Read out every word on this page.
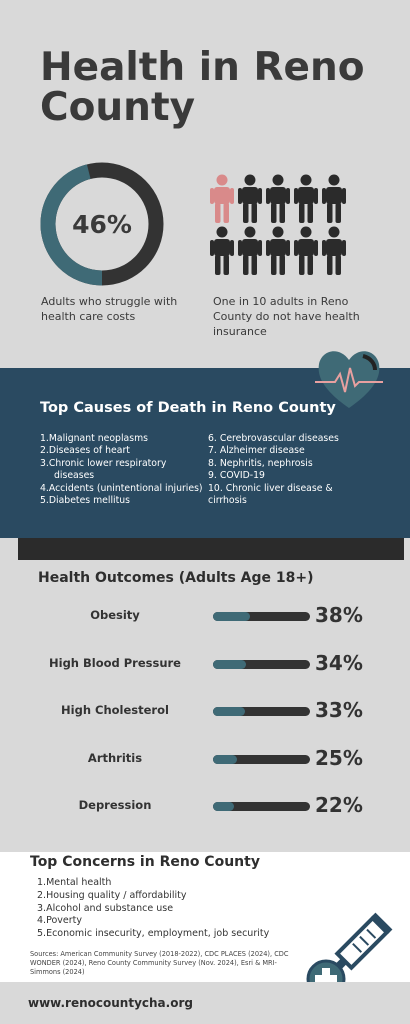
Health in Reno County
46%
Adults who struggle with health care costs
One in 10 adults in Reno County do not have health insurance
Top Causes of Death in Reno County
1.Malignant neoplasms
2.Diseases of heart
3.Chronic lower respiratory
diseases
4.Accidents (unintentional injuries)
5.Diabetes mellitus
6. Cerebrovascular diseases
7. Alzheimer disease
8. Nephritis, nephrosis
9. COVID-19
10. Chronic liver disease &
cirrhosis
Health Outcomes (Adults Age 18+)
Obesity	38%
High Blood Pressure	34%
High Cholesterol	33%
Arthritis	25%
Depression	22%
Top Concerns in Reno County
1.Mental health
2.Housing quality / affordability
3.Alcohol and substance use
4.Poverty
5.Economic insecurity, employment, job security
Sources: American Community Survey (2018-2022), CDC PLACES (2024), CDC WONDER (2024), Reno County Community Survey (Nov. 2024), Esri & MRI-Simmons (2024)
www.renocountycha.org
